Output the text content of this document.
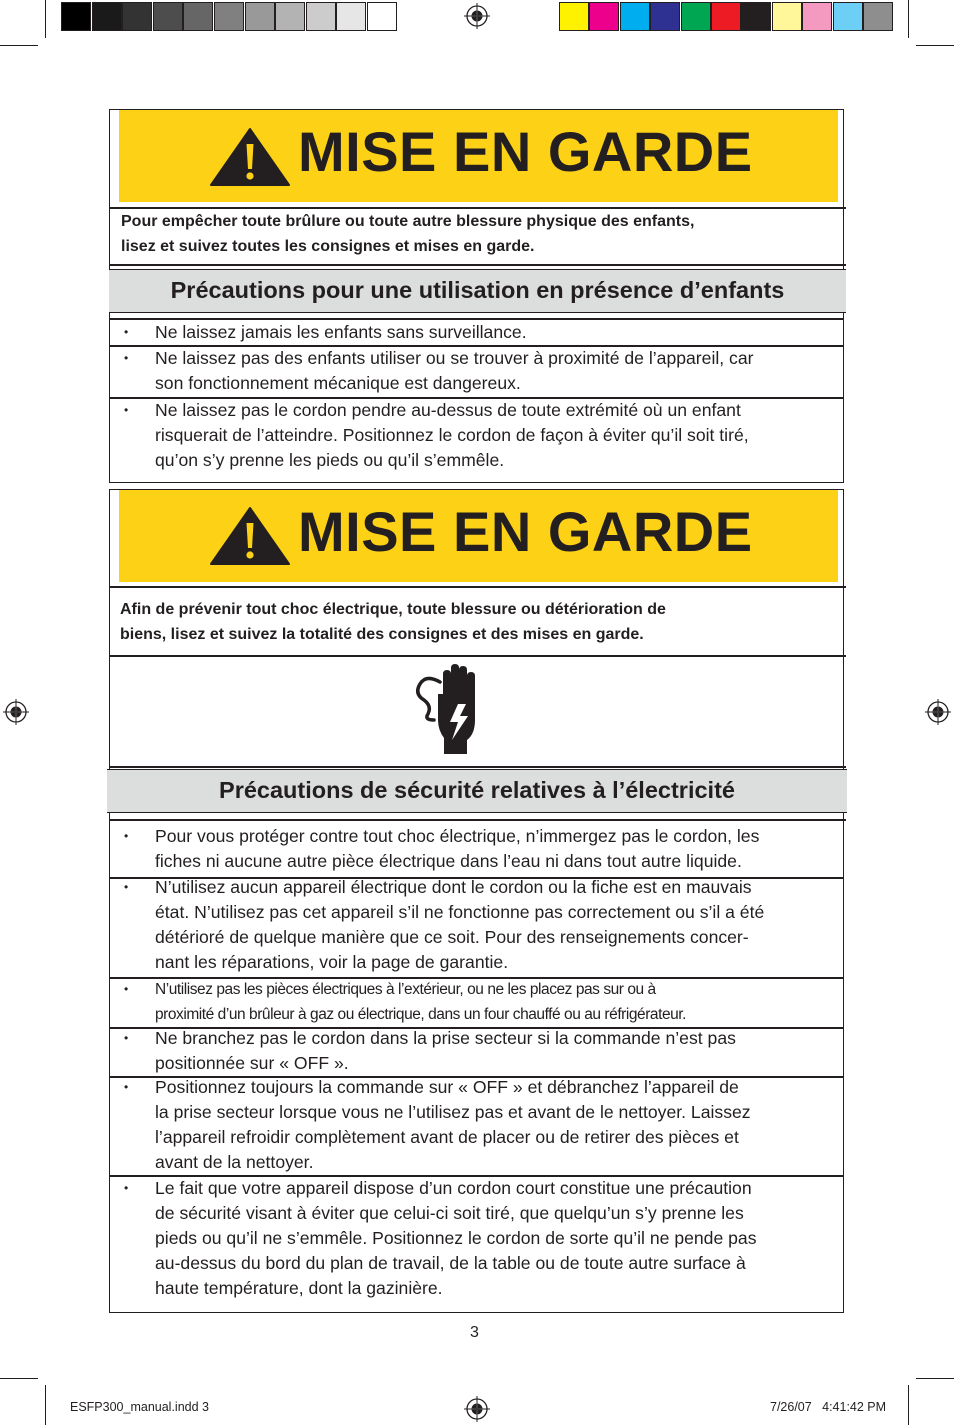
MISE EN GARDE
Pour empêcher toute brûlure ou toute autre blessure physique des enfants,
lisez et suivez toutes les consignes et mises en garde.
Précautions pour une utilisation en présence d’enfants
• Ne laissez jamais les enfants sans surveillance.
• Ne laissez pas des enfants utiliser ou se trouver à proximité de l’appareil, car
son fonctionnement mécanique est dangereux.
• Ne laissez pas le cordon pendre au-dessus de toute extrémité où un enfant
risquerait de l’atteindre. Positionnez le cordon de façon à éviter qu’il soit tiré,
qu’on s’y prenne les pieds ou qu’il s’emmêle.
MISE EN GARDE
Afin de prévenir tout choc électrique, toute blessure ou détérioration de
biens, lisez et suivez la totalité des consignes et des mises en garde.
Précautions de sécurité relatives à l’électricité
• Pour vous protéger contre tout choc électrique, n’immergez pas le cordon, les
fiches ni aucune autre pièce électrique dans l’eau ni dans tout autre liquide.
• N’utilisez aucun appareil électrique dont le cordon ou la fiche est en mauvais
état. N’utilisez pas cet appareil s’il ne fonctionne pas correctement ou s’il a été
détérioré de quelque manière que ce soit. Pour des renseignements concer-
nant les réparations, voir la page de garantie.
• N’utilisez pas les pièces électriques à l’extérieur, ou ne les placez pas sur ou à
proximité d’un brûleur à gaz ou électrique, dans un four chauffé ou au réfrigérateur.
• Ne branchez pas le cordon dans la prise secteur si la commande n’est pas
positionnée sur « OFF ».
• Positionnez toujours la commande sur « OFF » et débranchez l’appareil de
la prise secteur lorsque vous ne l’utilisez pas et avant de le nettoyer. Laissez
l’appareil refroidir complètement avant de placer ou de retirer des pièces et
avant de la nettoyer.
• Le fait que votre appareil dispose d’un cordon court constitue une précaution
de sécurité visant à éviter que celui-ci soit tiré, que quelqu’un s’y prenne les
pieds ou qu’il ne s’emmêle. Positionnez le cordon de sorte qu’il ne pende pas
au-dessus du bord du plan de travail, de la table ou de toute autre surface à
haute température, dont la gazinière.
3
ESFP300_manual.indd 3	7/26/07   4:41:42 PM
